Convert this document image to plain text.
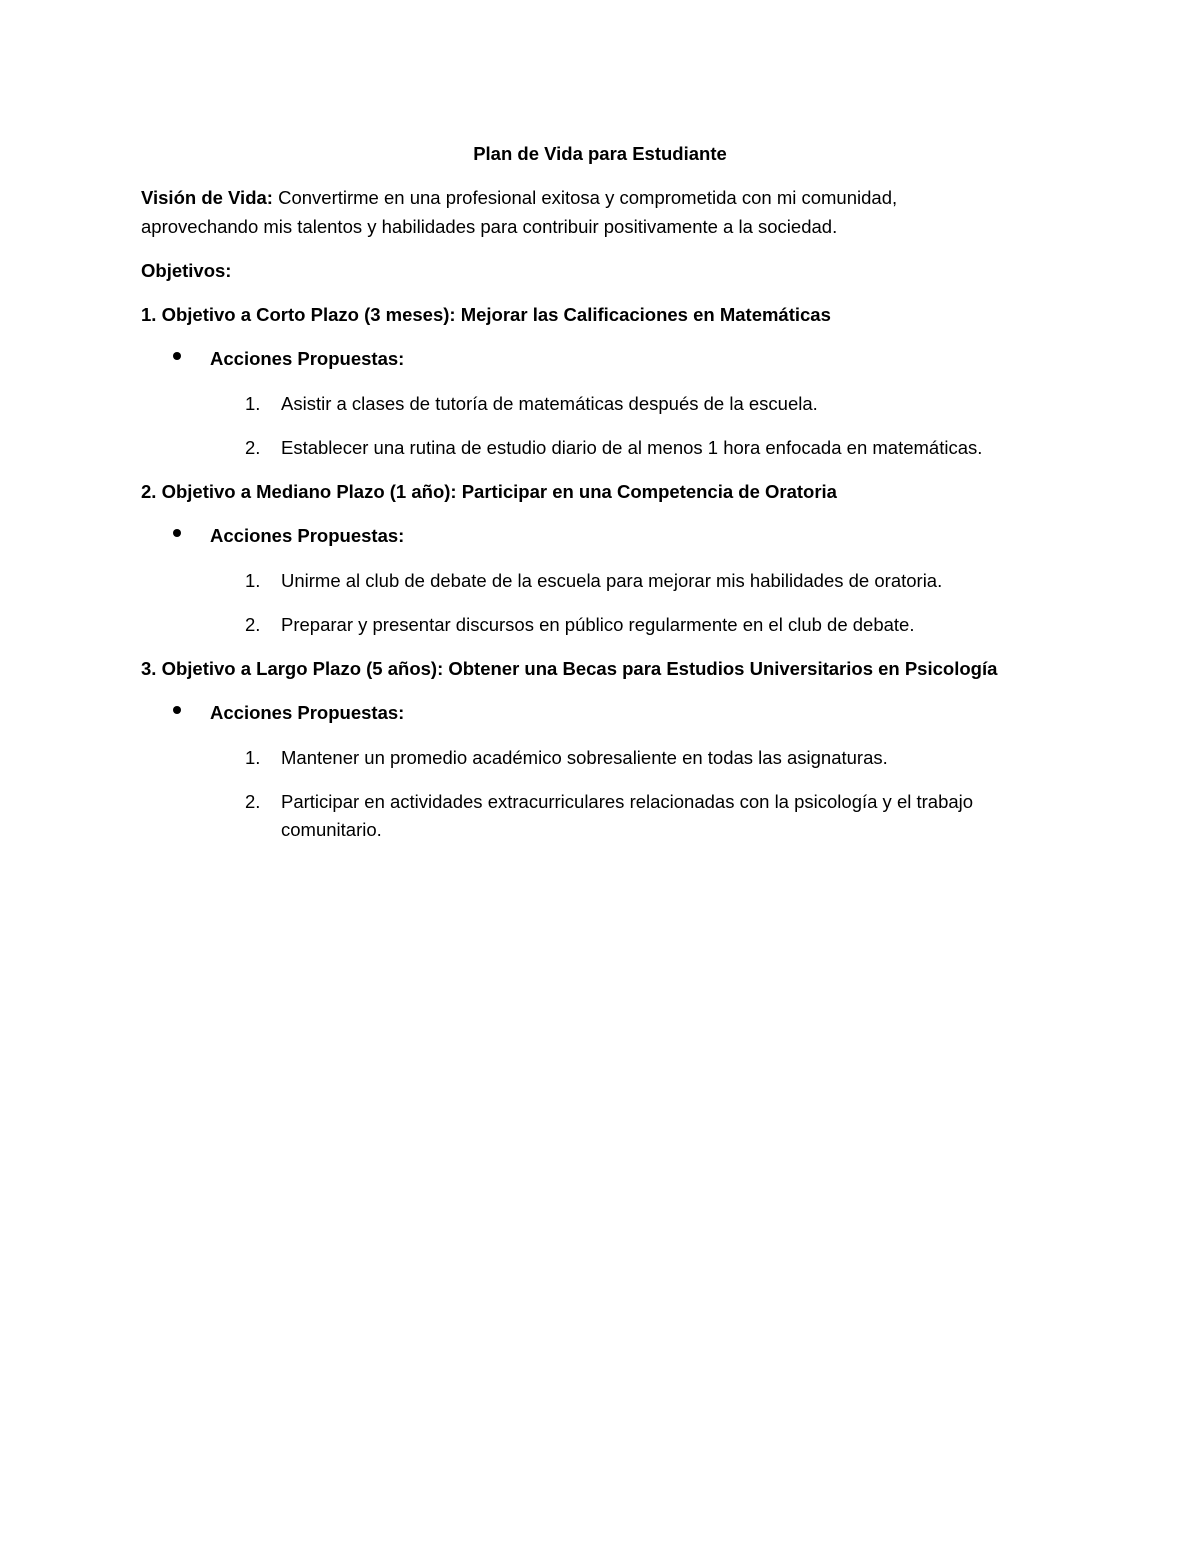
Plan de Vida para Estudiante
Visión de Vida: Convertirme en una profesional exitosa y comprometida con mi comunidad,
aprovechando mis talentos y habilidades para contribuir positivamente a la sociedad.
Objetivos:
1. Objetivo a Corto Plazo (3 meses): Mejorar las Calificaciones en Matemáticas
Acciones Propuestas:
1. Asistir a clases de tutoría de matemáticas después de la escuela.
2. Establecer una rutina de estudio diario de al menos 1 hora enfocada en matemáticas.
2. Objetivo a Mediano Plazo (1 año): Participar en una Competencia de Oratoria
Acciones Propuestas:
1. Unirme al club de debate de la escuela para mejorar mis habilidades de oratoria.
2. Preparar y presentar discursos en público regularmente en el club de debate.
3. Objetivo a Largo Plazo (5 años): Obtener una Becas para Estudios Universitarios en Psicología
Acciones Propuestas:
1. Mantener un promedio académico sobresaliente en todas las asignaturas.
2. Participar en actividades extracurriculares relacionadas con la psicología y el trabajo
comunitario.
